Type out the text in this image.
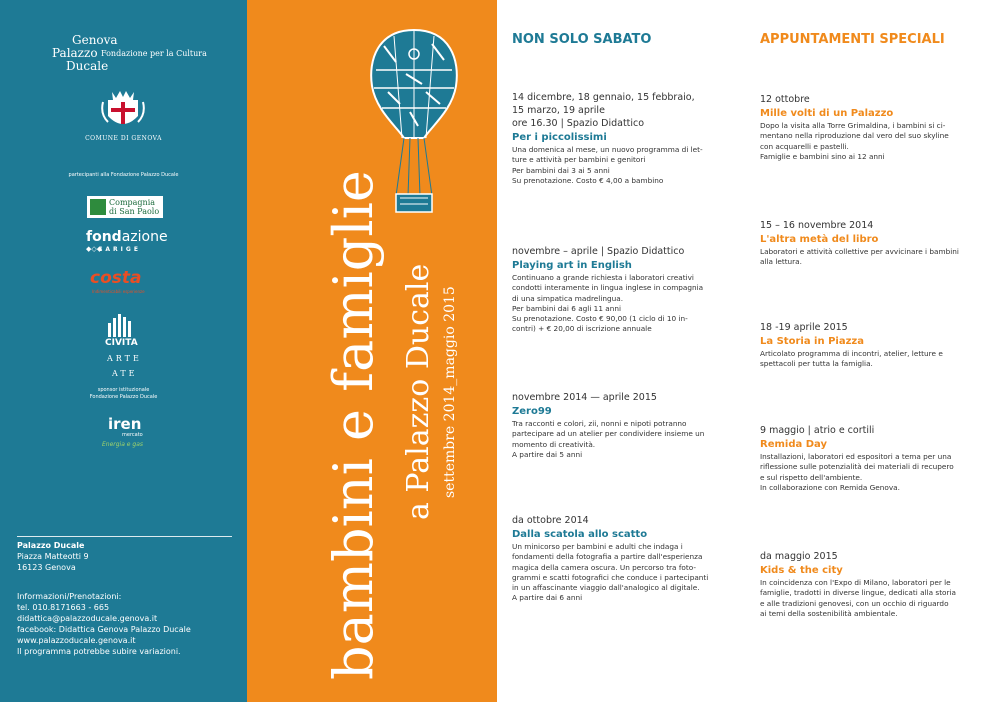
Genova
Palazzo
Ducale
Fondazione per la Cultura
COMUNE DI GENOVA
partecipanti alla Fondazione Palazzo Ducale
Compagnia
di San Paolo
fondazione
◆◇◆
CARIGE
costa
Indimenticabili esperienze
CIVITA
ARTE
ATE
sponsor istituzionale
Fondazione Palazzo Ducale
iren
mercato
Energia e gas
Palazzo Ducale
Piazza Matteotti 9
16123 Genova
Informazioni/Prenotazioni:
tel. 010.8171663 - 665
didattica@palazzoducale.genova.it
facebook: Didattica Genova Palazzo Ducale
www.palazzoducale.genova.it
Il programma potrebbe subire variazioni.	bambini e famiglie a Palazzo Ducale settembre 2014_maggio 2015
NON SOLO SABATO
14 dicembre, 18 gennaio, 15 febbraio,
15 marzo, 19 aprile
ore 16.30 | Spazio Didattico
Per i piccolissimi
Una domenica al mese, un nuovo programma di let-
ture e attività per bambini e genitori
Per bambini dai 3 ai 5 anni
Su prenotazione. Costo € 4,00 a bambino
novembre – aprile | Spazio Didattico
Playing art in English
Continuano a grande richiesta i laboratori creativi
condotti interamente in lingua inglese in compagnia
di una simpatica madrelingua.
Per bambini dai 6 agli 11 anni
Su prenotazione. Costo € 90,00 (1 ciclo di 10 in-
contri) + € 20,00 di iscrizione annuale
novembre 2014 — aprile 2015
Zero99
Tra racconti e colori, zii, nonni e nipoti potranno
partecipare ad un atelier per condividere insieme un
momento di creatività.
A partire dai 5 anni
da ottobre 2014
Dalla scatola allo scatto
Un minicorso per bambini e adulti che indaga i
fondamenti della fotografia a partire dall'esperienza
magica della camera oscura. Un percorso tra foto-
grammi e scatti fotografici che conduce i partecipanti
in un affascinante viaggio dall'analogico al digitale.
A partire dai 6 anni
APPUNTAMENTI SPECIALI
12 ottobre
Mille volti di un Palazzo
Dopo la visita alla Torre Grimaldina, i bambini si ci-
mentano nella riproduzione dal vero del suo skyline
con acquarelli e pastelli.
Famiglie e bambini sino ai 12 anni
15 – 16 novembre 2014
L'altra metà del libro
Laboratori e attività collettive per avvicinare i bambini
alla lettura.
18 -19 aprile 2015
La Storia in Piazza
Articolato programma di incontri, atelier, letture e
spettacoli per tutta la famiglia.
9 maggio | atrio e cortili
Remida Day
Installazioni, laboratori ed espositori a tema per una
riflessione sulle potenzialità dei materiali di recupero
e sul rispetto dell'ambiente.
In collaborazione con Remida Genova.
da maggio 2015
Kids & the city
In coincidenza con l'Expo di Milano, laboratori per le
famiglie, tradotti in diverse lingue, dedicati alla storia
e alle tradizioni genovesi, con un occhio di riguardo
ai temi della sostenibilità ambientale.
